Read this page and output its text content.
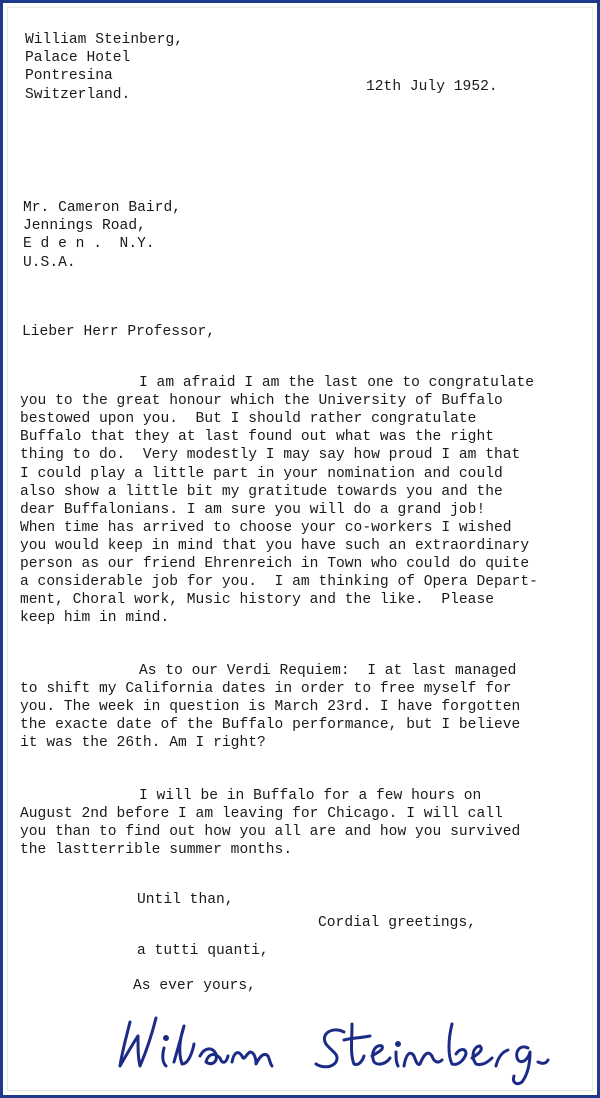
William Steinberg,
Palace Hotel
Pontresina
Switzerland.	12th July 1952.
Mr. Cameron Baird,
Jennings Road,
E d e n .  N.Y.
U.S.A.
Lieber Herr Professor,
I am afraid I am the last one to congratulate
you to the great honour which the University of Buffalo
bestowed upon you.  But I should rather congratulate
Buffalo that they at last found out what was the right
thing to do.  Very modestly I may say how proud I am that
I could play a little part in your nomination and could
also show a little bit my gratitude towards you and the
dear Buffalonians. I am sure you will do a grand job!
When time has arrived to choose your co-workers I wished
you would keep in mind that you have such an extraordinary
person as our friend Ehrenreich in Town who could do quite
a considerable job for you.  I am thinking of Opera Depart-
ment, Choral work, Music history and the like.  Please
keep him in mind.
As to our Verdi Requiem:  I at last managed
to shift my California dates in order to free myself for
you. The week in question is March 23rd. I have forgotten
the exacte date of the Buffalo performance, but I believe
it was the 26th. Am I right?
I will be in Buffalo for a few hours on
August 2nd before I am leaving for Chicago. I will call
you than to find out how you all are and how you survived
the lastterrible summer months.
Until than,
Cordial greetings,
a tutti quanti,
As ever yours,
